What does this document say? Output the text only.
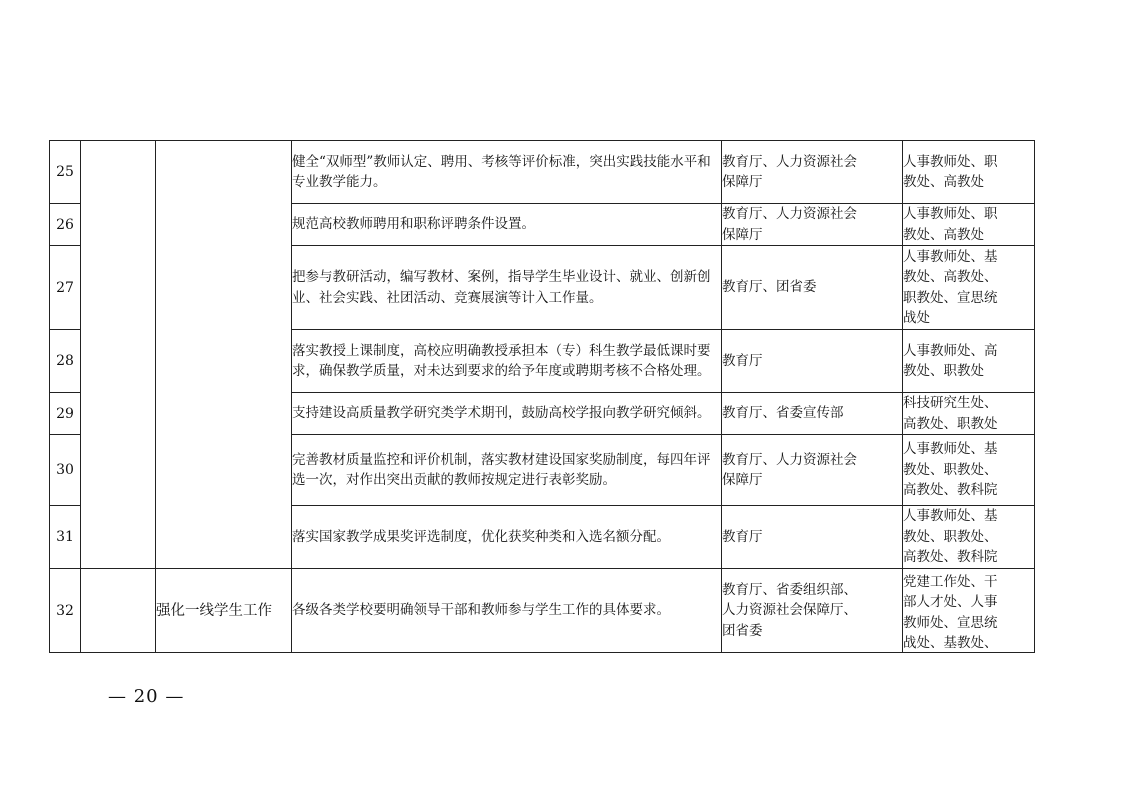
25			健全“双师型”教师认定、聘用、考核等评价标准，突出实践技能水平和专业教学能力。	教育厅、人力资源社会
保障厅	人事教师处、职
教处、高教处

26			规范高校教师聘用和职称评聘条件设置。	教育厅、人力资源社会
保障厅	人事教师处、职
教处、高教处

27			把参与教研活动，编写教材、案例，指导学生毕业设计、就业、创新创业、社会实践、社团活动、竞赛展演等计入工作量。	教育厅、团省委	人事教师处、基
教处、高教处、
职教处、宣思统
战处

28			落实教授上课制度，高校应明确教授承担本（专）科生教学最低课时要求，确保教学质量，对未达到要求的给予年度或聘期考核不合格处理。	教育厅	人事教师处、高
教处、职教处

29			支持建设高质量教学研究类学术期刊，鼓励高校学报向教学研究倾斜。	教育厅、省委宣传部	科技研究生处、
高教处、职教处

30			完善教材质量监控和评价机制，落实教材建设国家奖励制度，每四年评选一次，对作出突出贡献的教师按规定进行表彰奖励。	教育厅、人力资源社会
保障厅	人事教师处、基
教处、职教处、
高教处、教科院

31			落实国家教学成果奖评选制度，优化获奖种类和入选名额分配。	教育厅	人事教师处、基
教处、职教处、
高教处、教科院

32		强化一线学生工作	各级各类学校要明确领导干部和教师参与学生工作的具体要求。	教育厅、省委组织部、
人力资源社会保障厅、
团省委	党建工作处、干
部人才处、人事
教师处、宣思统
战处、基教处、
— 20 —
